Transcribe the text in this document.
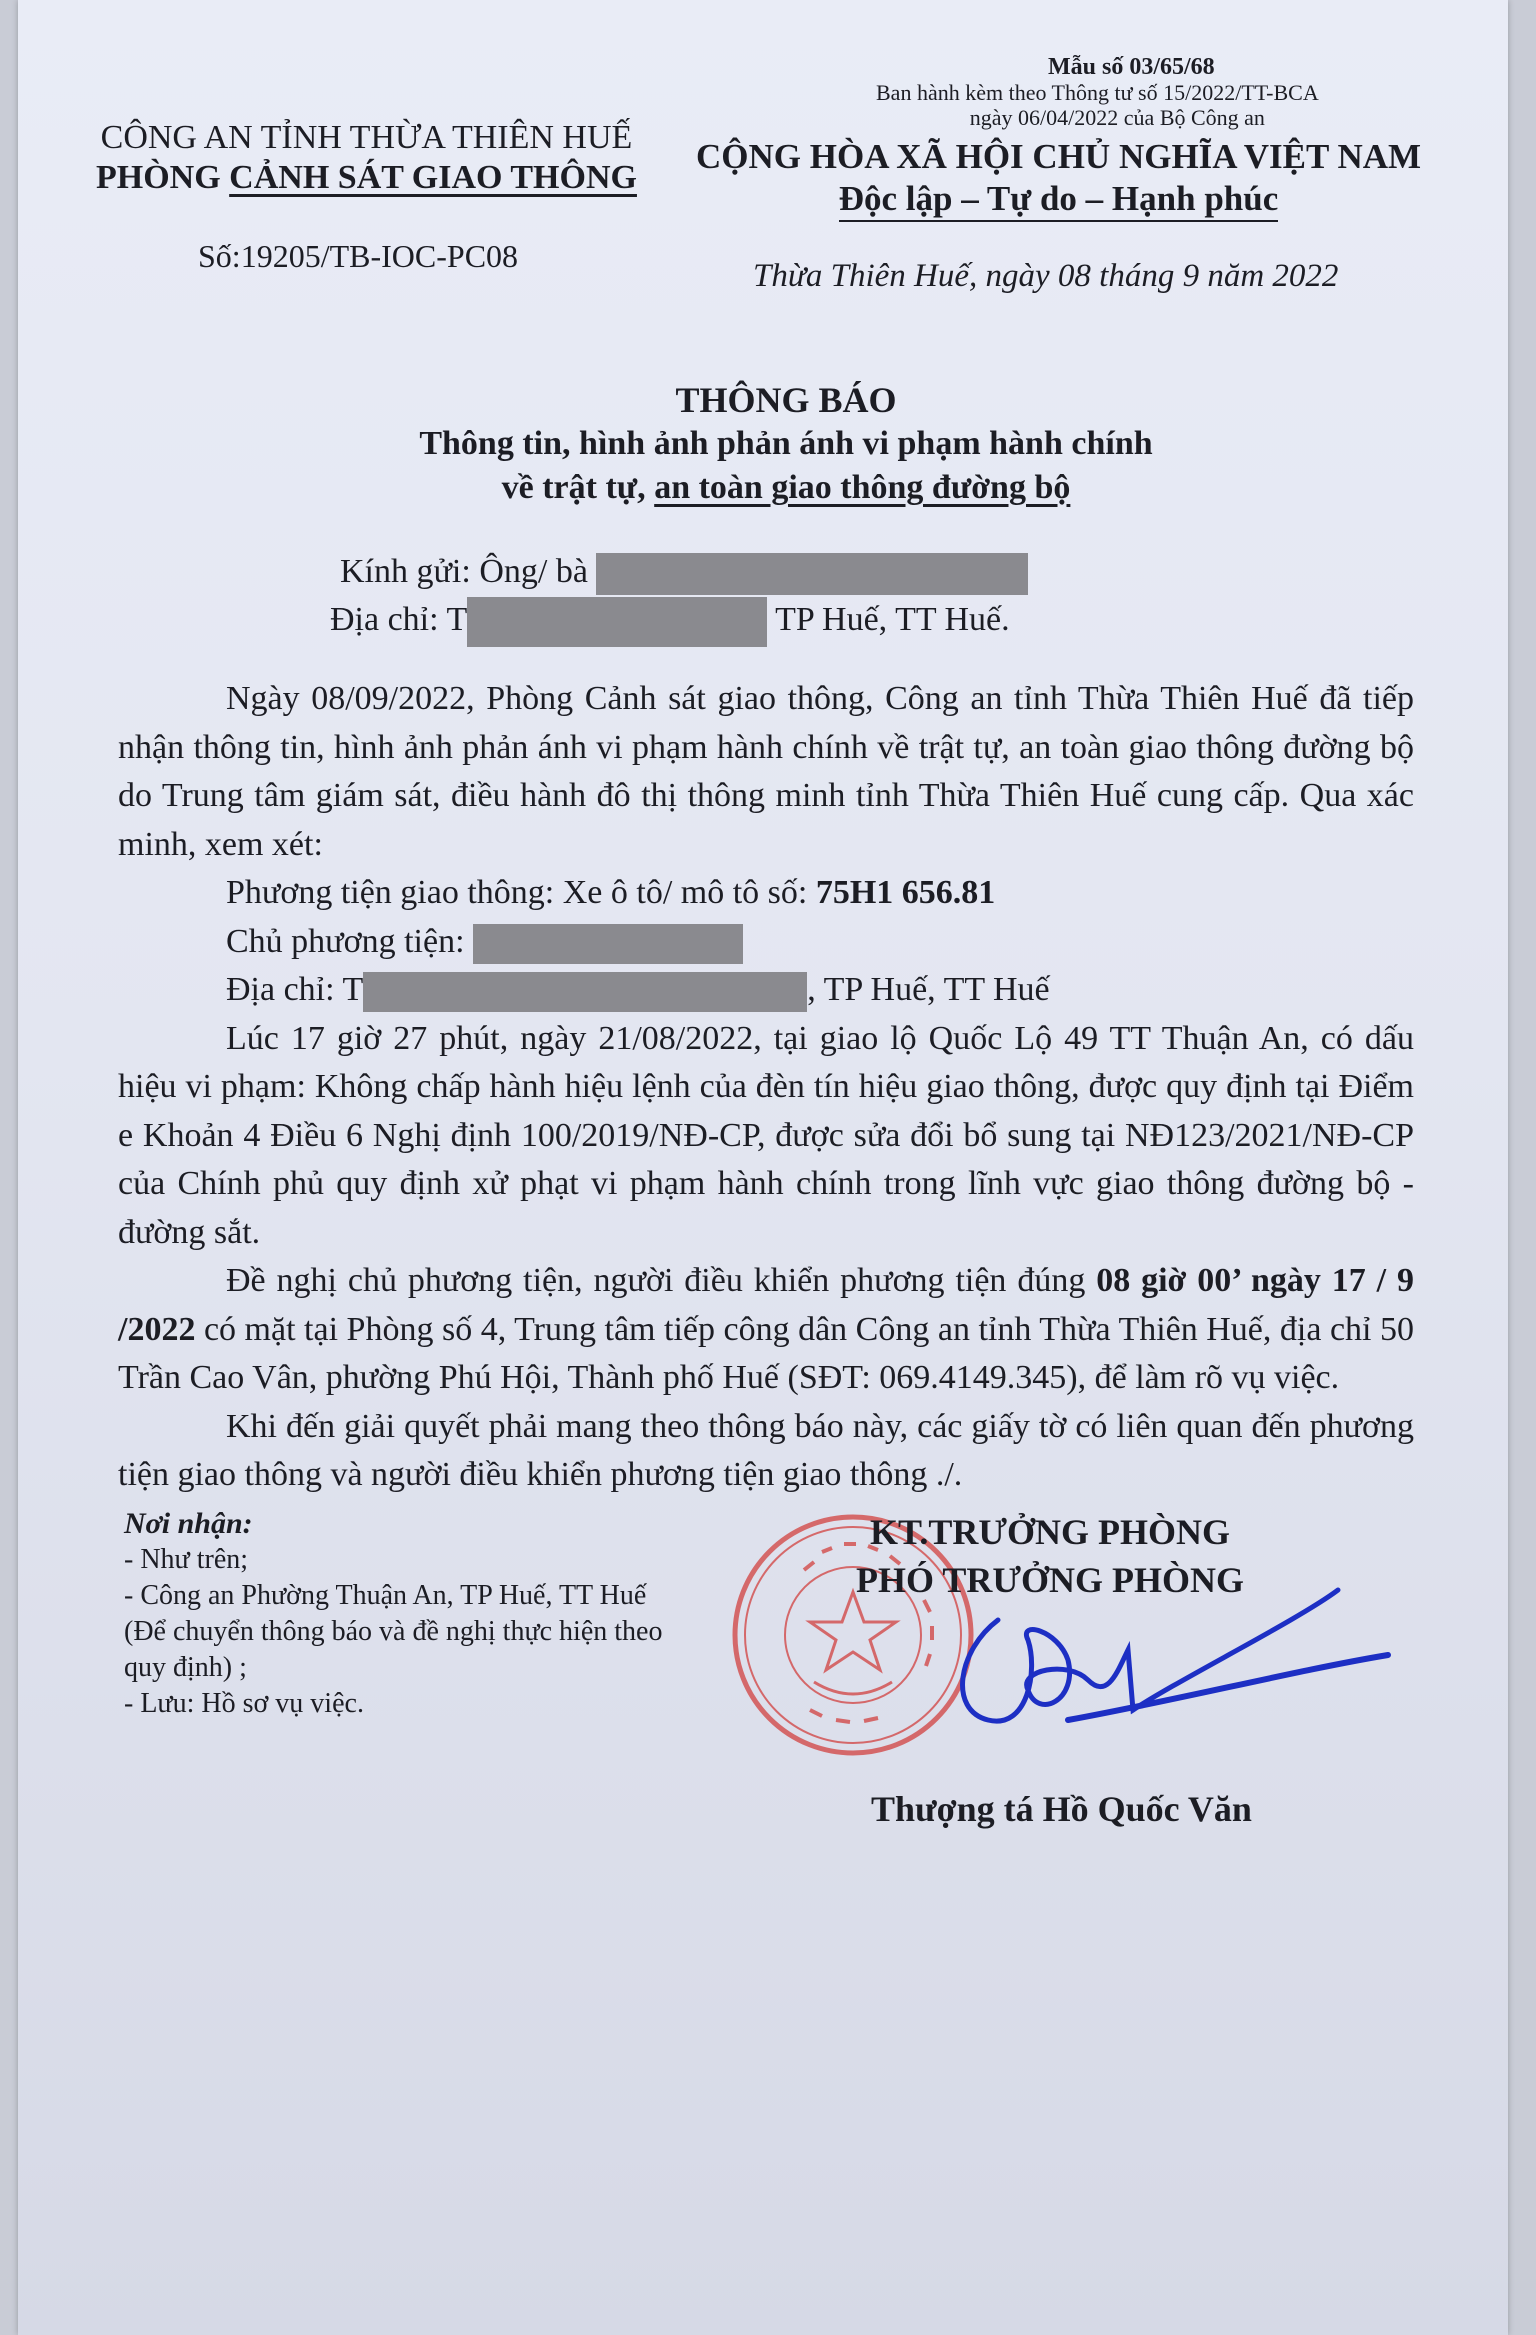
Mẫu số 03/65/68
Ban hành kèm theo Thông tư số 15/2022/TT-BCA
ngày 06/04/2022 của Bộ Công an
CÔNG AN TỈNH THỪA THIÊN HUẾ
PHÒNG CẢNH SÁT GIAO THÔNG
Số:19205/TB-IOC-PC08
CỘNG HÒA XÃ HỘI CHỦ NGHĨA VIỆT NAM
Độc lập – Tự do – Hạnh phúc
Thừa Thiên Huế, ngày 08 tháng 9 năm 2022
THÔNG BÁO
Thông tin, hình ảnh phản ánh vi phạm hành chính
về trật tự, an toàn giao thông đường bộ
Kính gửi: Ông/ bà
Địa chỉ: T	TP Huế, TT Huế.

Ngày 08/09/2022, Phòng Cảnh sát giao thông, Công an tỉnh Thừa Thiên Huế đã tiếp nhận thông tin, hình ảnh phản ánh vi phạm hành chính về trật tự, an toàn giao thông đường bộ do Trung tâm giám sát, điều hành đô thị thông minh tỉnh Thừa Thiên Huế cung cấp. Qua xác minh, xem xét:

Phương tiện giao thông: Xe ô tô/ mô tô số: 75H1 656.81

Chủ phương tiện:

Địa chỉ: T	, TP Huế, TT Huế

Lúc 17 giờ 27 phút, ngày 21/08/2022, tại giao lộ Quốc Lộ 49 TT Thuận An, có dấu hiệu vi phạm: Không chấp hành hiệu lệnh của đèn tín hiệu giao thông, được quy định tại Điểm e Khoản 4 Điều 6 Nghị định 100/2019/NĐ-CP, được sửa đổi bổ sung tại NĐ123/2021/NĐ-CP của Chính phủ quy định xử phạt vi phạm hành chính trong lĩnh vực giao thông đường bộ - đường sắt.

Đề nghị chủ phương tiện, người điều khiển phương tiện đúng 08 giờ 00’ ngày 17 / 9 /2022 có mặt tại Phòng số 4, Trung tâm tiếp công dân Công an tỉnh Thừa Thiên Huế, địa chỉ 50 Trần Cao Vân, phường Phú Hội, Thành phố Huế (SĐT: 069.4149.345), để làm rõ vụ việc.

Khi đến giải quyết phải mang theo thông báo này, các giấy tờ có liên quan đến phương tiện giao thông và người điều khiển phương tiện giao thông ./.

Nơi nhận:
- Như trên;
- Công an Phường Thuận An, TP Huế, TT Huế
(Để chuyển thông báo và đề nghị thực hiện theo
quy định) ;
- Lưu: Hồ sơ vụ việc.
KT.TRƯỞNG PHÒNG
PHÓ TRƯỞNG PHÒNG
Thượng tá Hồ Quốc Văn
